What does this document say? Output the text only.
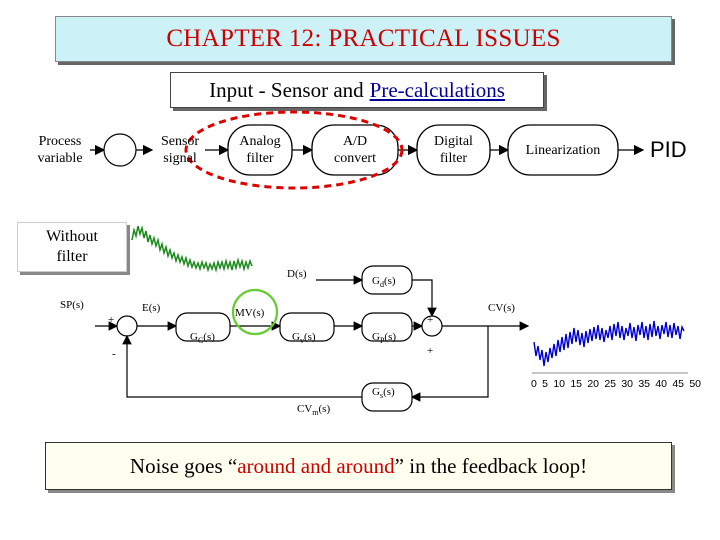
CHAPTER 12: PRACTICAL ISSUES
Input - Sensor and Pre-calculations
Process
variable
Sensor
signal
Analog
filter
A/D
convert
Digital
filter
Linearization	PID
Without
filter
SP(s)	E(s)
+
-
$G_C(s)$
MV(s)
$G_v(s)$	$G_P(s)$
D(s)
$G_d(s)$
CV(s)
+
+
$G_s(s)$
$CV_m(s)$
0 5 10 15 20 25 30 35 40 45 50
Noise goes “ around and around ” in the feedback loop!
